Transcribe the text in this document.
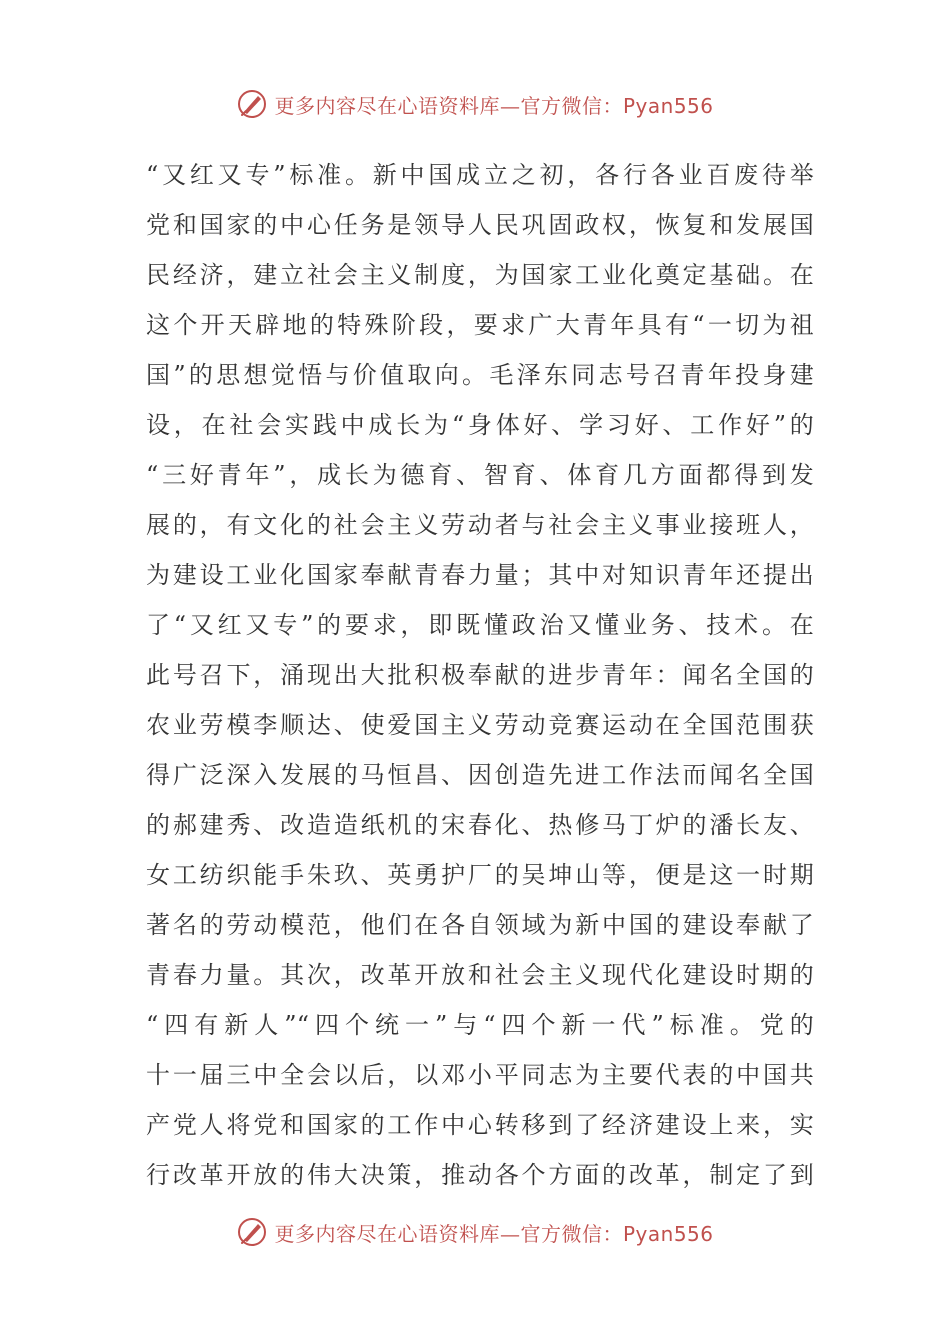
更多内容尽在心语资料库—官方微信：Pyan556
“又红又专”标准。新中国成立之初，各行各业百废待举
党和国家的中心任务是领导人民巩固政权，恢复和发展国
民经济，建立社会主义制度，为国家工业化奠定基础。在
这个开天辟地的特殊阶段，要求广大青年具有“一切为祖
国”的思想觉悟与价值取向。毛泽东同志号召青年投身建
设，在社会实践中成长为“身体好、学习好、工作好”的
“三好青年”，成长为德育、智育、体育几方面都得到发
展的，有文化的社会主义劳动者与社会主义事业接班人，
为建设工业化国家奉献青春力量；其中对知识青年还提出
了“又红又专”的要求，即既懂政治又懂业务、技术。在
此号召下，涌现出大批积极奉献的进步青年：闻名全国的
农业劳模李顺达、使爱国主义劳动竞赛运动在全国范围获
得广泛深入发展的马恒昌、因创造先进工作法而闻名全国
的郝建秀、改造造纸机的宋春化、热修马丁炉的潘长友、
女工纺织能手朱玖、英勇护厂的吴坤山等，便是这一时期
著名的劳动模范，他们在各自领域为新中国的建设奉献了
青春力量。其次，改革开放和社会主义现代化建设时期的
“四有新人”“四个统一”与“四个新一代”标准。党的
十一届三中全会以后，以邓小平同志为主要代表的中国共
产党人将党和国家的工作中心转移到了经济建设上来，实
行改革开放的伟大决策，推动各个方面的改革，制定了到
更多内容尽在心语资料库—官方微信：Pyan556
